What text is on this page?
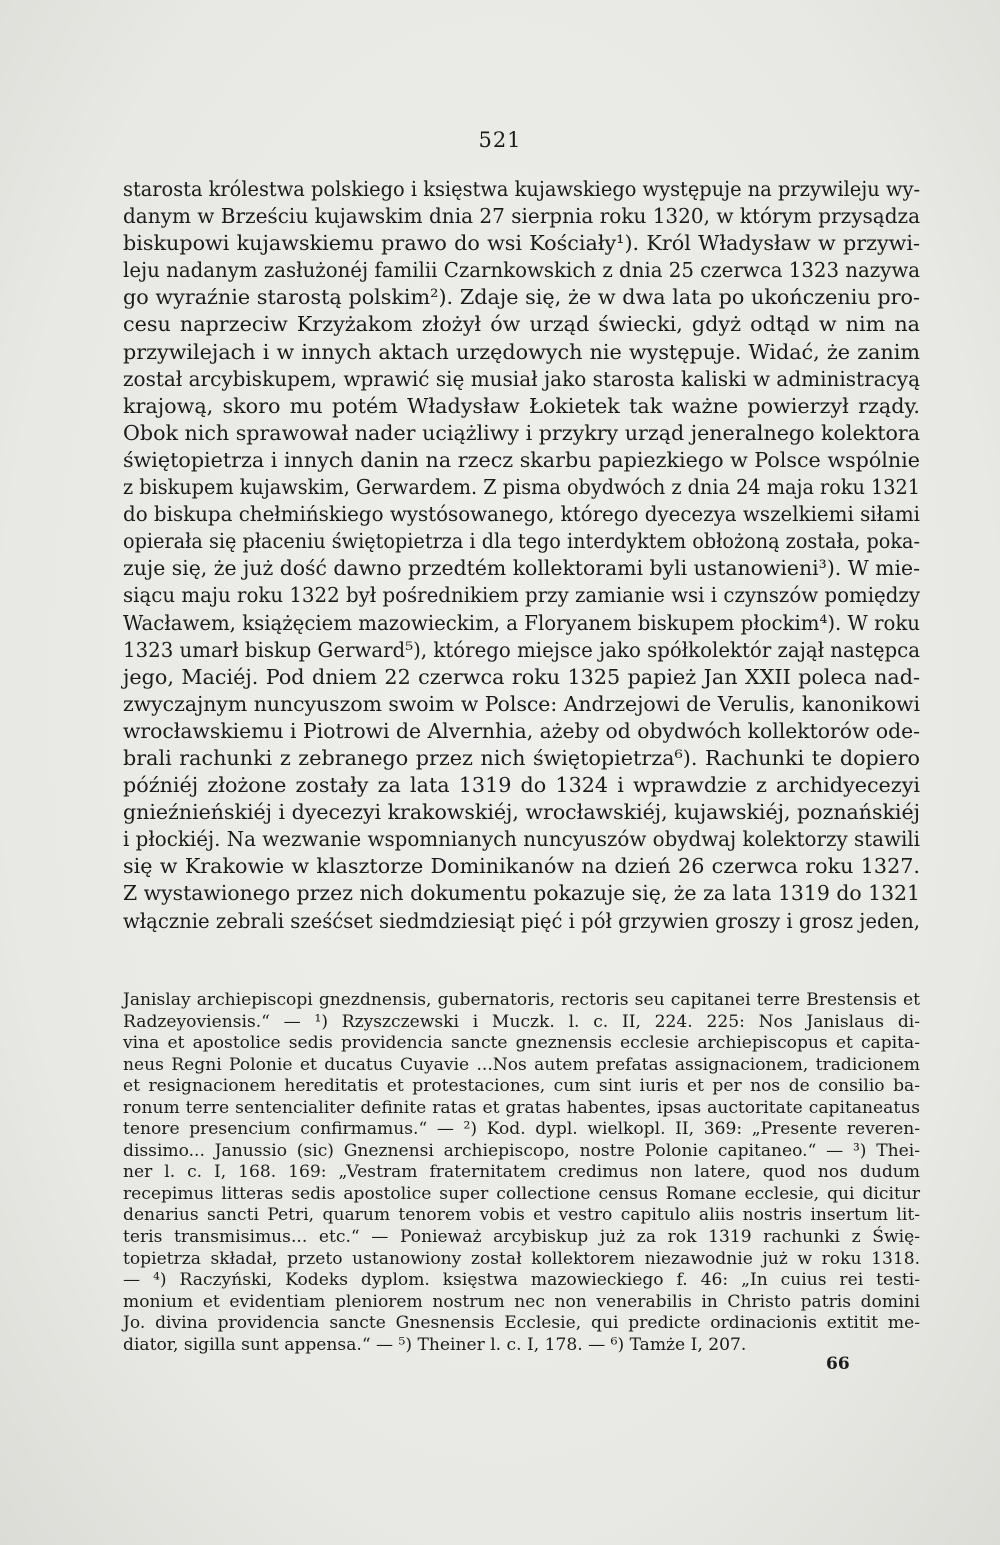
521
starosta królestwa polskiego i księstwa kujawskiego występuje na przywileju wy-
danym w Brześciu kujawskim dnia 27 sierpnia roku 1320, w którym przysądza
biskupowi kujawskiemu prawo do wsi Kościały¹). Król Władysław w przywi-
leju nadanym zasłużonéj familii Czarnkowskich z dnia 25 czerwca 1323 nazywa
go wyraźnie starostą polskim²). Zdaje się, że w dwa lata po ukończeniu pro-
cesu naprzeciw Krzyżakom złożył ów urząd świecki, gdyż odtąd w nim na
przywilejach i w innych aktach urzędowych nie występuje. Widać, że zanim
został arcybiskupem, wprawić się musiał jako starosta kaliski w administracyą
krajową, skoro mu potém Władysław Łokietek tak ważne powierzył rządy.
Obok nich sprawował nader uciążliwy i przykry urząd jeneralnego kolektora
świętopietrza i innych danin na rzecz skarbu papiezkiego w Polsce wspólnie
z biskupem kujawskim, Gerwardem. Z pisma obydwóch z dnia 24 maja roku 1321
do biskupa chełmińskiego wystósowanego, którego dyecezya wszelkiemi siłami
opierała się płaceniu świętopietrza i dla tego interdyktem obłożoną została, poka-
zuje się, że już dość dawno przedtém kollektorami byli ustanowieni³). W mie-
siącu maju roku 1322 był pośrednikiem przy zamianie wsi i czynszów pomiędzy
Wacławem, książęciem mazowieckim, a Floryanem biskupem płockim⁴). W roku
1323 umarł biskup Gerward⁵), którego miejsce jako spółkolektór zajął następca
jego, Maciéj. Pod dniem 22 czerwca roku 1325 papież Jan XXII poleca nad-
zwyczajnym nuncyuszom swoim w Polsce: Andrzejowi de Verulis, kanonikowi
wrocławskiemu i Piotrowi de Alvernhia, ażeby od obydwóch kollektorów ode-
brali rachunki z zebranego przez nich świętopietrza⁶). Rachunki te dopiero
późniéj złożone zostały za lata 1319 do 1324 i wprawdzie z archidyecezyi
gnieźnieńskiéj i dyecezyi krakowskiéj, wrocławskiéj, kujawskiéj, poznańskiéj
i płockiéj. Na wezwanie wspomnianych nuncyuszów obydwaj kolektorzy stawili
się w Krakowie w klasztorze Dominikanów na dzień 26 czerwca roku 1327.
Z wystawionego przez nich dokumentu pokazuje się, że za lata 1319 do 1321
włącznie zebrali sześćset siedmdziesiąt pięć i pół grzywien groszy i grosz jeden,
Janislay archiepiscopi gnezdnensis, gubernatoris, rectoris seu capitanei terre Brestensis et
Radzeyoviensis.“ — ¹) Rzyszczewski i Muczk. l. c. II, 224. 225: Nos Janislaus di-
vina et apostolice sedis providencia sancte gneznensis ecclesie archiepiscopus et capita-
neus Regni Polonie et ducatus Cuyavie ...Nos autem prefatas assignacionem, tradicionem
et resignacionem hereditatis et protestaciones, cum sint iuris et per nos de consilio ba-
ronum terre sentencialiter definite ratas et gratas habentes, ipsas auctoritate capitaneatus
tenore presencium confirmamus.“ — ²) Kod. dypl. wielkopl. II, 369: „Presente reveren-
dissimo... Janussio (sic) Gneznensi archiepiscopo, nostre Polonie capitaneo.“ — ³) Thei-
ner l. c. I, 168. 169: „Vestram fraternitatem credimus non latere, quod nos dudum
recepimus litteras sedis apostolice super collectione census Romane ecclesie, qui dicitur
denarius sancti Petri, quarum tenorem vobis et vestro capitulo aliis nostris insertum lit-
teris transmisimus... etc.“ — Ponieważ arcybiskup już za rok 1319 rachunki z Świę-
topietrza składał, przeto ustanowiony został kollektorem niezawodnie już w roku 1318.
— ⁴) Raczyński, Kodeks dyplom. księstwa mazowieckiego f. 46: „In cuius rei testi-
monium et evidentiam pleniorem nostrum nec non venerabilis in Christo patris domini
Jo. divina providencia sancte Gnesnensis Ecclesie, qui predicte ordinacionis extitit me-
diator, sigilla sunt appensa.“ — ⁵) Theiner l. c. I, 178. — ⁶) Tamże I, 207.
66
